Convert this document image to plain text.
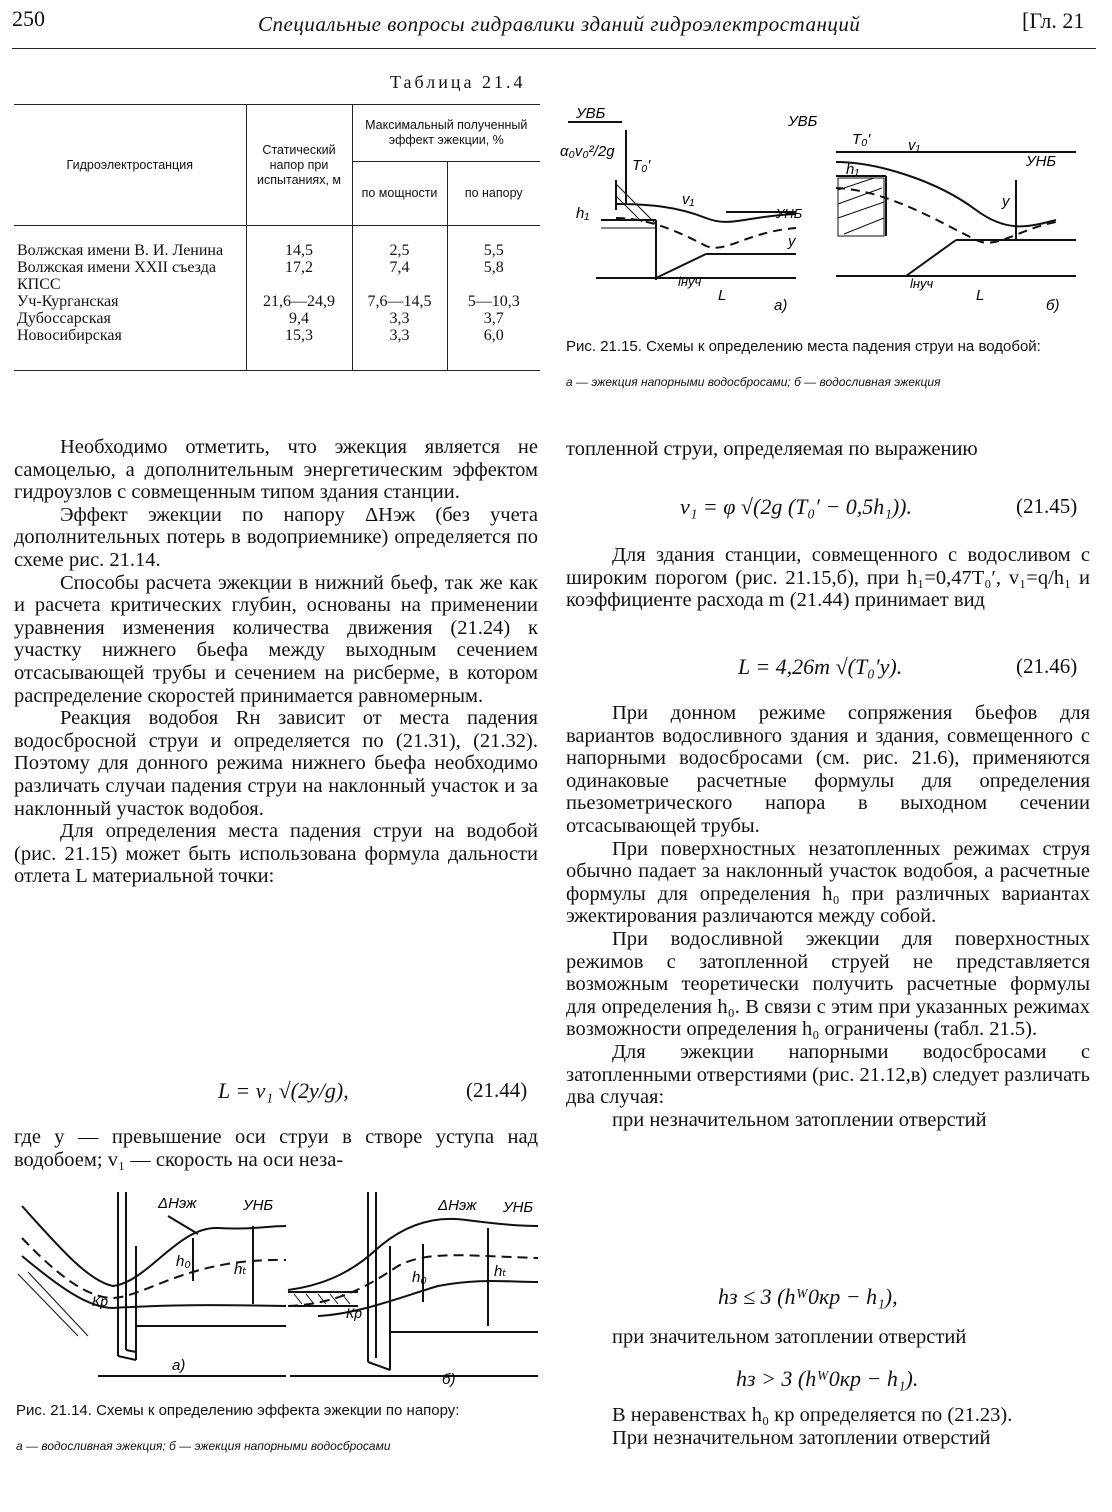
250	Специальные вопросы гидравлики зданий гидроэлектростанций	[Гл. 21
Таблица 21.4
Гидроэлектростанция	Статический напор при испытаниях, м	Максимальный полученный эффект эжекции, %	
		по мощности	по напору
Волжская имени В. И. Ленина	14,5	2,5	5,5
Волжская имени XXII съезда КПСС	17,2	7,4	5,8
Уч-Курганская	21,6—24,9	7,6—14,5	5—10,3
Дубоссарская	9,4	3,3	3,7
Новосибирская	15,3	3,3	6,0

Необходимо отметить, что эжекция является не самоцелью, а дополнительным энергетическим эффектом гидроузлов с совмещенным типом здания станции.

Эффект эжекции по напору ΔHэж (без учета дополнительных потерь в водоприемнике) определяется по схеме рис. 21.14.

Способы расчета эжекции в нижний бьеф, так же как и расчета критических глубин, основаны на применении уравнения изменения количества движения (21.24) к участку нижнего бьефа между выходным сечением отсасывающей трубы и сечением на рисберме, в котором распределение скоростей принимается равномерным.

Реакция водобоя Rн зависит от места падения водосбросной струи и определяется по (21.31), (21.32). Поэтому для донного режима нижнего бьефа необходимо различать случаи падения струи на наклонный участок и за наклонный участок водобоя.

Для определения места падения струи на водобой (рис. 21.15) может быть использована формула дальности отлета L материальной точки:

L = v₁ √(2y/g),	(21.44)

где y — превышение оси струи в створе уступа над водобоем; v₁ — скорость на оси неза-

ΔHэж	УНБ
h₀	hₜ
Кр
а)
ΔHэж УНБ
h₀	hₜ
Кр
б)
Рис. 21.14. Схемы к определению эффекта эжекции по напору:
а — водосливная эжекция; б — эжекция напорными водосбросами
УВБ
α₀v₀²/2g
T₀′
v₁
h₁	УНБ
y
lнуч
L
а)
УВБ
T₀′	v₁
h₁	УНБ
y
lнуч
L
б)
Рис. 21.15. Схемы к определению места падения струи на водобой:
а — эжекция напорными водосбросами; б — водосливная эжекция

топленной струи, определяемая по выражению

v₁ = φ √(2g (T₀′ − 0,5h₁)).	(21.45)

Для здания станции, совмещенного с водосливом с широким порогом (рис. 21.15,б), при h₁=0,47T₀′, v₁=q/h₁ и коэффициенте расхода m (21.44) принимает вид

L = 4,26m √(T₀′y).	(21.46)

При донном режиме сопряжения бьефов для вариантов водосливного здания и здания, совмещенного с напорными водосбросами (см. рис. 21.6), применяются одинаковые расчетные формулы для определения пьезометрического напора в выходном сечении отсасывающей трубы.

При поверхностных незатопленных режимах струя обычно падает за наклонный участок водобоя, а расчетные формулы для определения h₀ при различных вариантах эжектирования различаются между собой.

При водосливной эжекции для поверхностных режимов с затопленной струей не представляется возможным теоретически получить расчетные формулы для определения h₀. В связи с этим при указанных режимах возможности определения h₀ ограничены (табл. 21.5).

Для эжекции напорными водосбросами с затопленными отверстиями (рис. 21.12,в) следует различать два случая:

при незначительном затоплении отверстий

hз ≤ 3 (hᵂ0кр − h₁),

при значительном затоплении отверстий

hз > 3 (hᵂ0кр − h₁).

В неравенствах h₀ кр определяется по (21.23).

При незначительном затоплении отверстий
